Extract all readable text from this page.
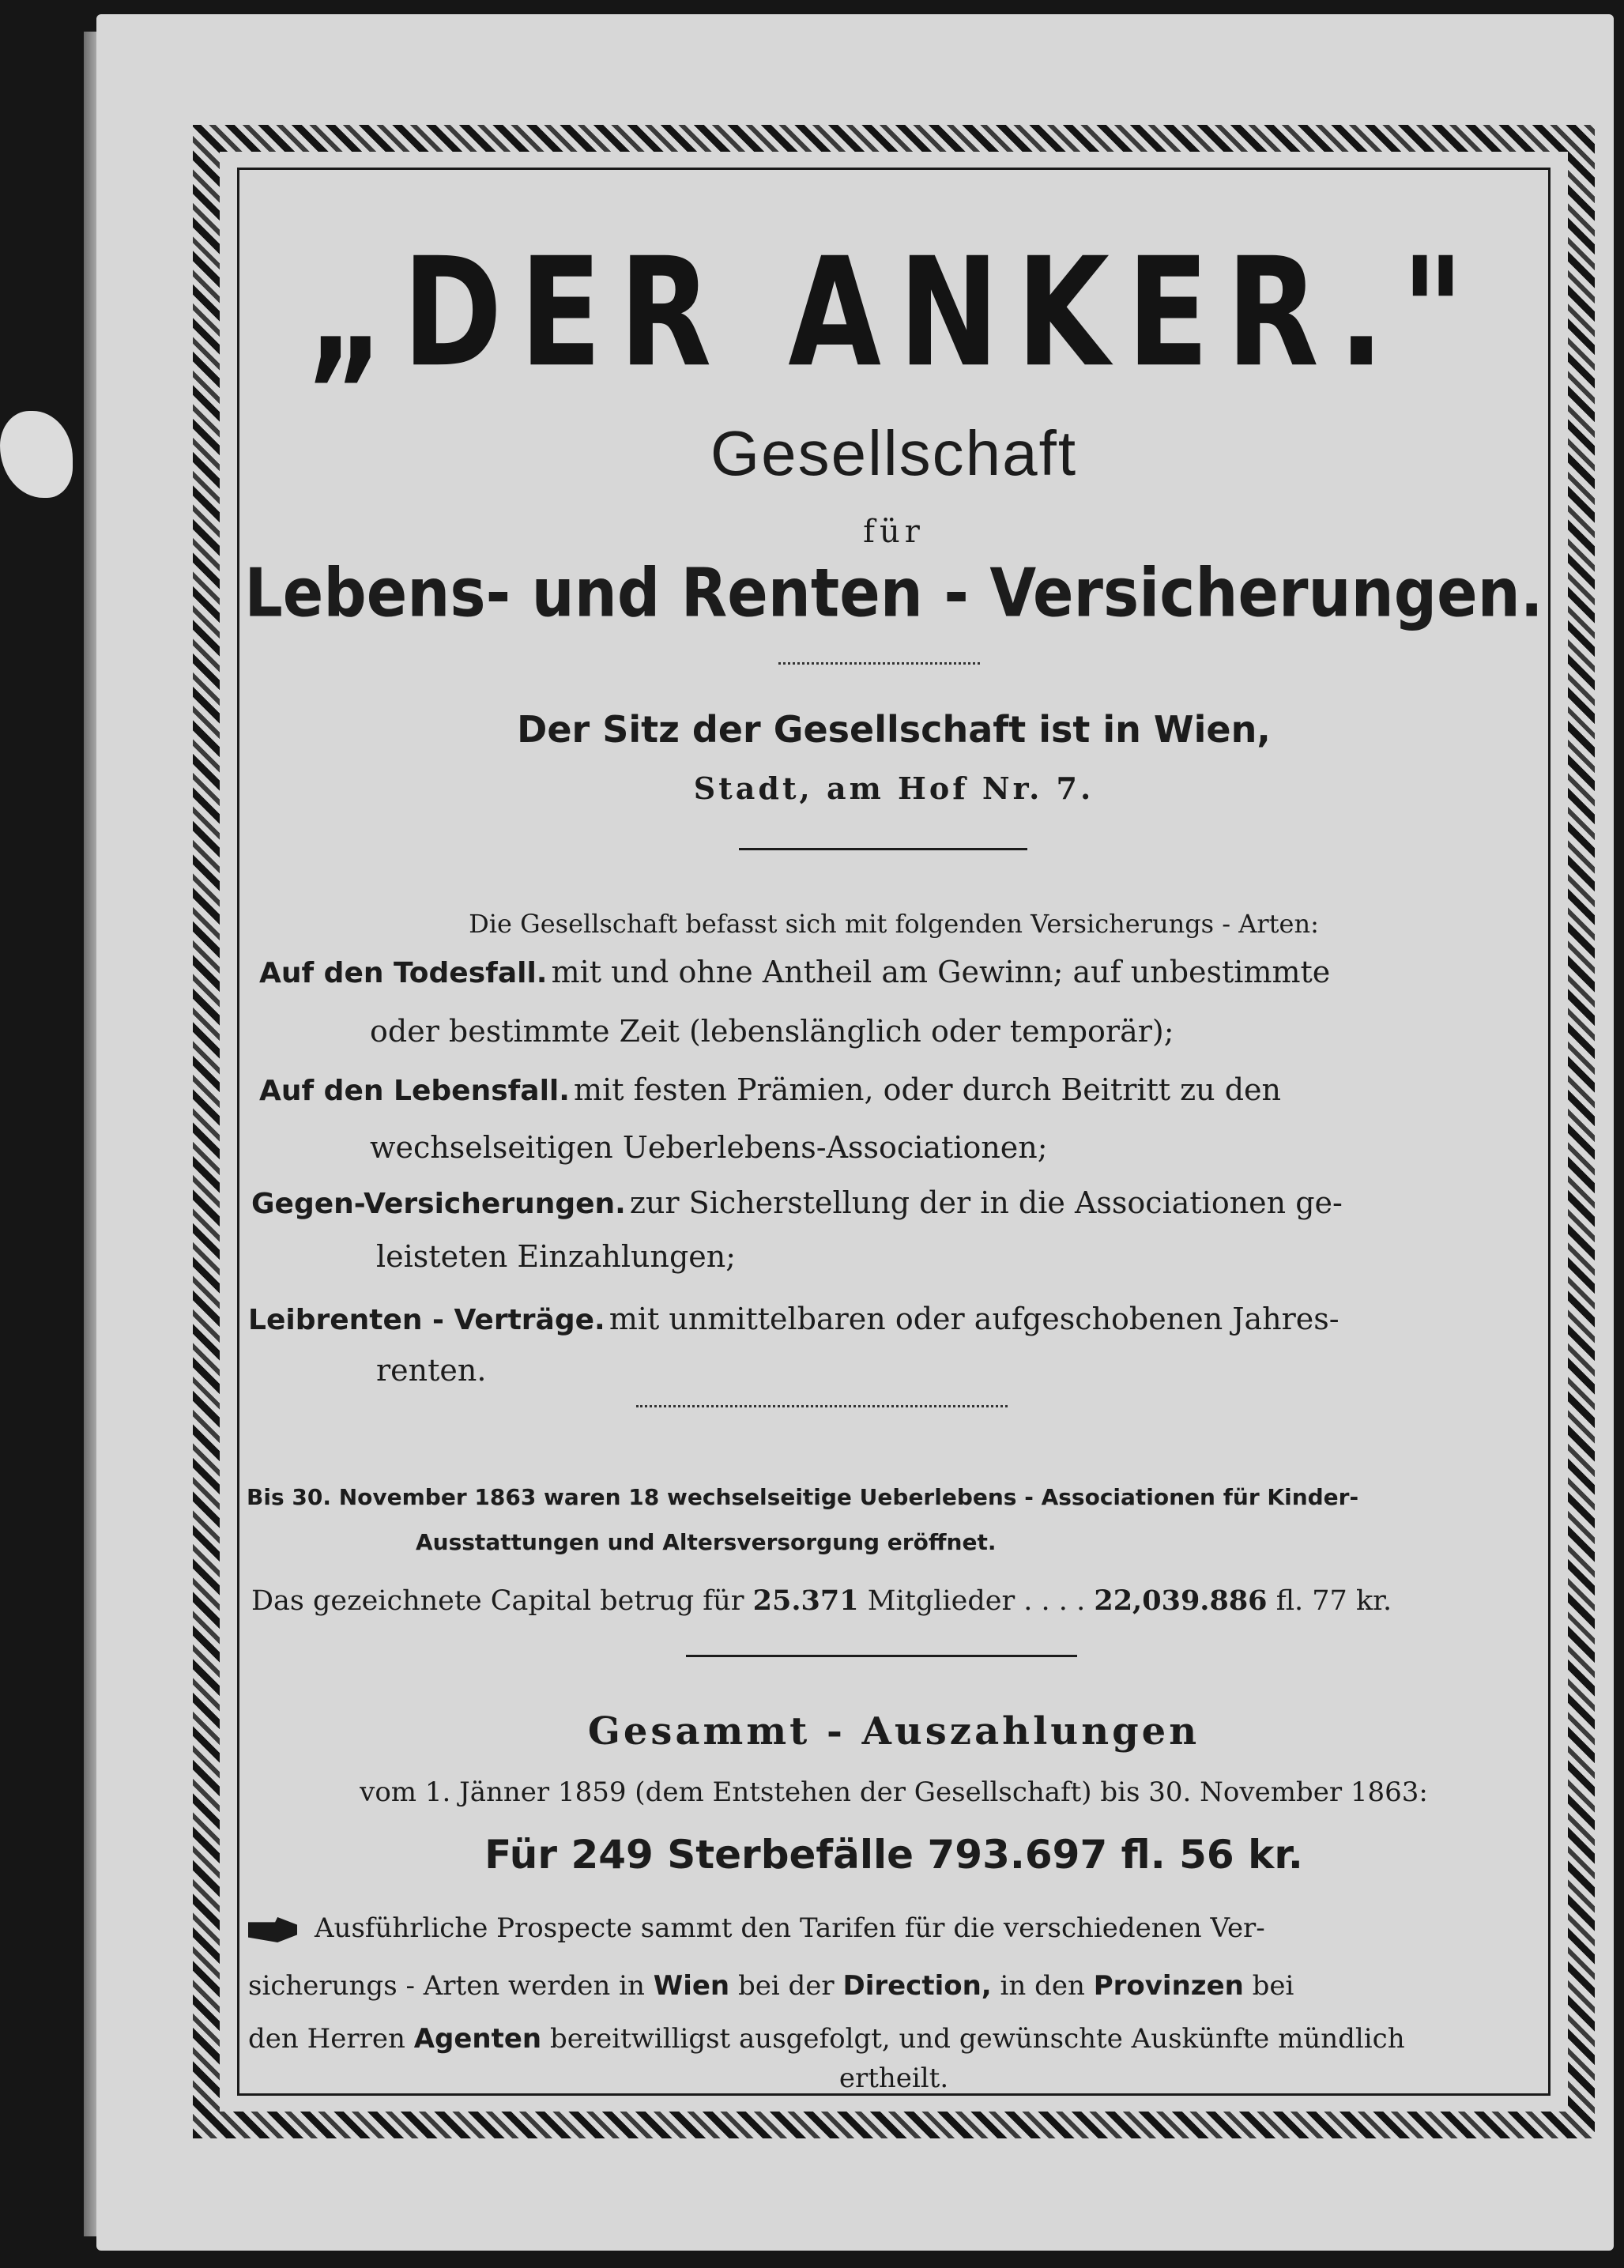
„DER ANKER."
Gesellschaft
für
Lebens- und Renten - Versicherungen.
Der Sitz der Gesellschaft ist in Wien,
Stadt, am Hof Nr. 7.
Die Gesellschaft befasst sich mit folgenden Versicherungs - Arten:
Auf den Todesfall. mit und ohne Antheil am Gewinn; auf unbestimmte
oder bestimmte Zeit (lebenslänglich oder temporär);
Auf den Lebensfall. mit festen Prämien, oder durch Beitritt zu den
wechselseitigen Ueberlebens-Associationen;
Gegen-Versicherungen. zur Sicherstellung der in die Associationen ge-
leisteten Einzahlungen;
Leibrenten - Verträge. mit unmittelbaren oder aufgeschobenen Jahres-
renten.
Bis 30. November 1863 waren 18 wechselseitige Ueberlebens - Associationen für Kinder-
Ausstattungen und Altersversorgung eröffnet.
Das gezeichnete Capital betrug für 25.371 Mitglieder . . . . 22,039.886 fl. 77 kr.
Gesammt - Auszahlungen
vom 1. Jänner 1859 (dem Entstehen der Gesellschaft) bis 30. November 1863:
Für 249 Sterbefälle 793.697 fl. 56 kr.
Ausführliche Prospecte sammt den Tarifen für die verschiedenen Ver-
sicherungs - Arten werden in Wien bei der Direction, in den Provinzen bei
den Herren Agenten bereitwilligst ausgefolgt, und gewünschte Auskünfte mündlich
ertheilt.
